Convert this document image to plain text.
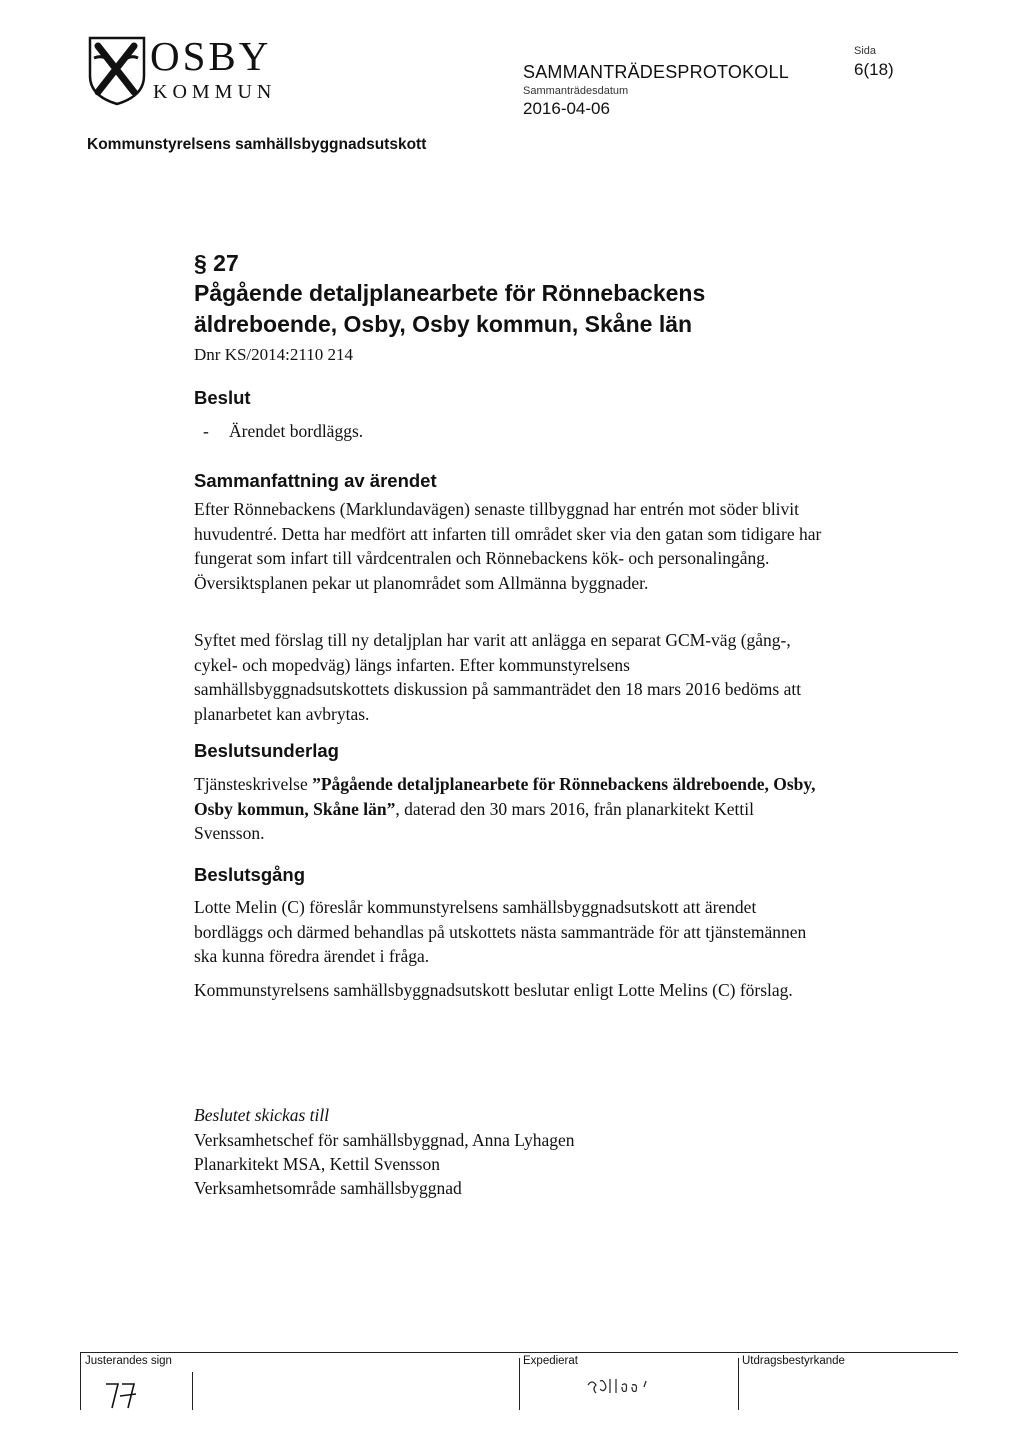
OSBY
KOMMUN
SAMMANTRÄDESPROTOKOLL
Sammanträdesdatum
2016-04-06
Sida
6(18)
Kommunstyrelsens samhällsbyggnadsutskott
§ 27
Pågående detaljplanearbete för Rönnebackens äldreboende, Osby, Osby kommun, Skåne län
Dnr KS/2014:2110 214
Beslut
- Ärendet bordläggs.
Sammanfattning av ärendet
Efter Rönnebackens (Marklundavägen) senaste tillbyggnad har entrén mot söder blivit huvudentré. Detta har medfört att infarten till området sker via den gatan som tidigare har fungerat som infart till vårdcentralen och Rönnebackens kök- och personalingång. Översiktsplanen pekar ut planområdet som Allmänna byggnader.
Syftet med förslag till ny detaljplan har varit att anlägga en separat GCM-väg (gång-, cykel- och mopedväg) längs infarten. Efter kommunstyrelsens samhällsbyggnadsutskottets diskussion på sammanträdet den 18 mars 2016 bedöms att planarbetet kan avbrytas.
Beslutsunderlag
Tjänsteskrivelse ”Pågående detaljplanearbete för Rönnebackens äldreboende, Osby, Osby kommun, Skåne län”, daterad den 30 mars 2016, från planarkitekt Kettil Svensson.
Beslutsgång
Lotte Melin (C) föreslår kommunstyrelsens samhällsbyggnadsutskott att ärendet bordläggs och därmed behandlas på utskottets nästa sammanträde för att tjänstemännen ska kunna föredra ärendet i fråga.
Kommunstyrelsens samhällsbyggnadsutskott beslutar enligt Lotte Melins (C) förslag.
Beslutet skickas till
Verksamhetschef för samhällsbyggnad, Anna Lyhagen
Planarkitekt MSA, Kettil Svensson
Verksamhetsområde samhällsbyggnad
Justerandes sign	Expedierat	Utdragsbestyrkande
